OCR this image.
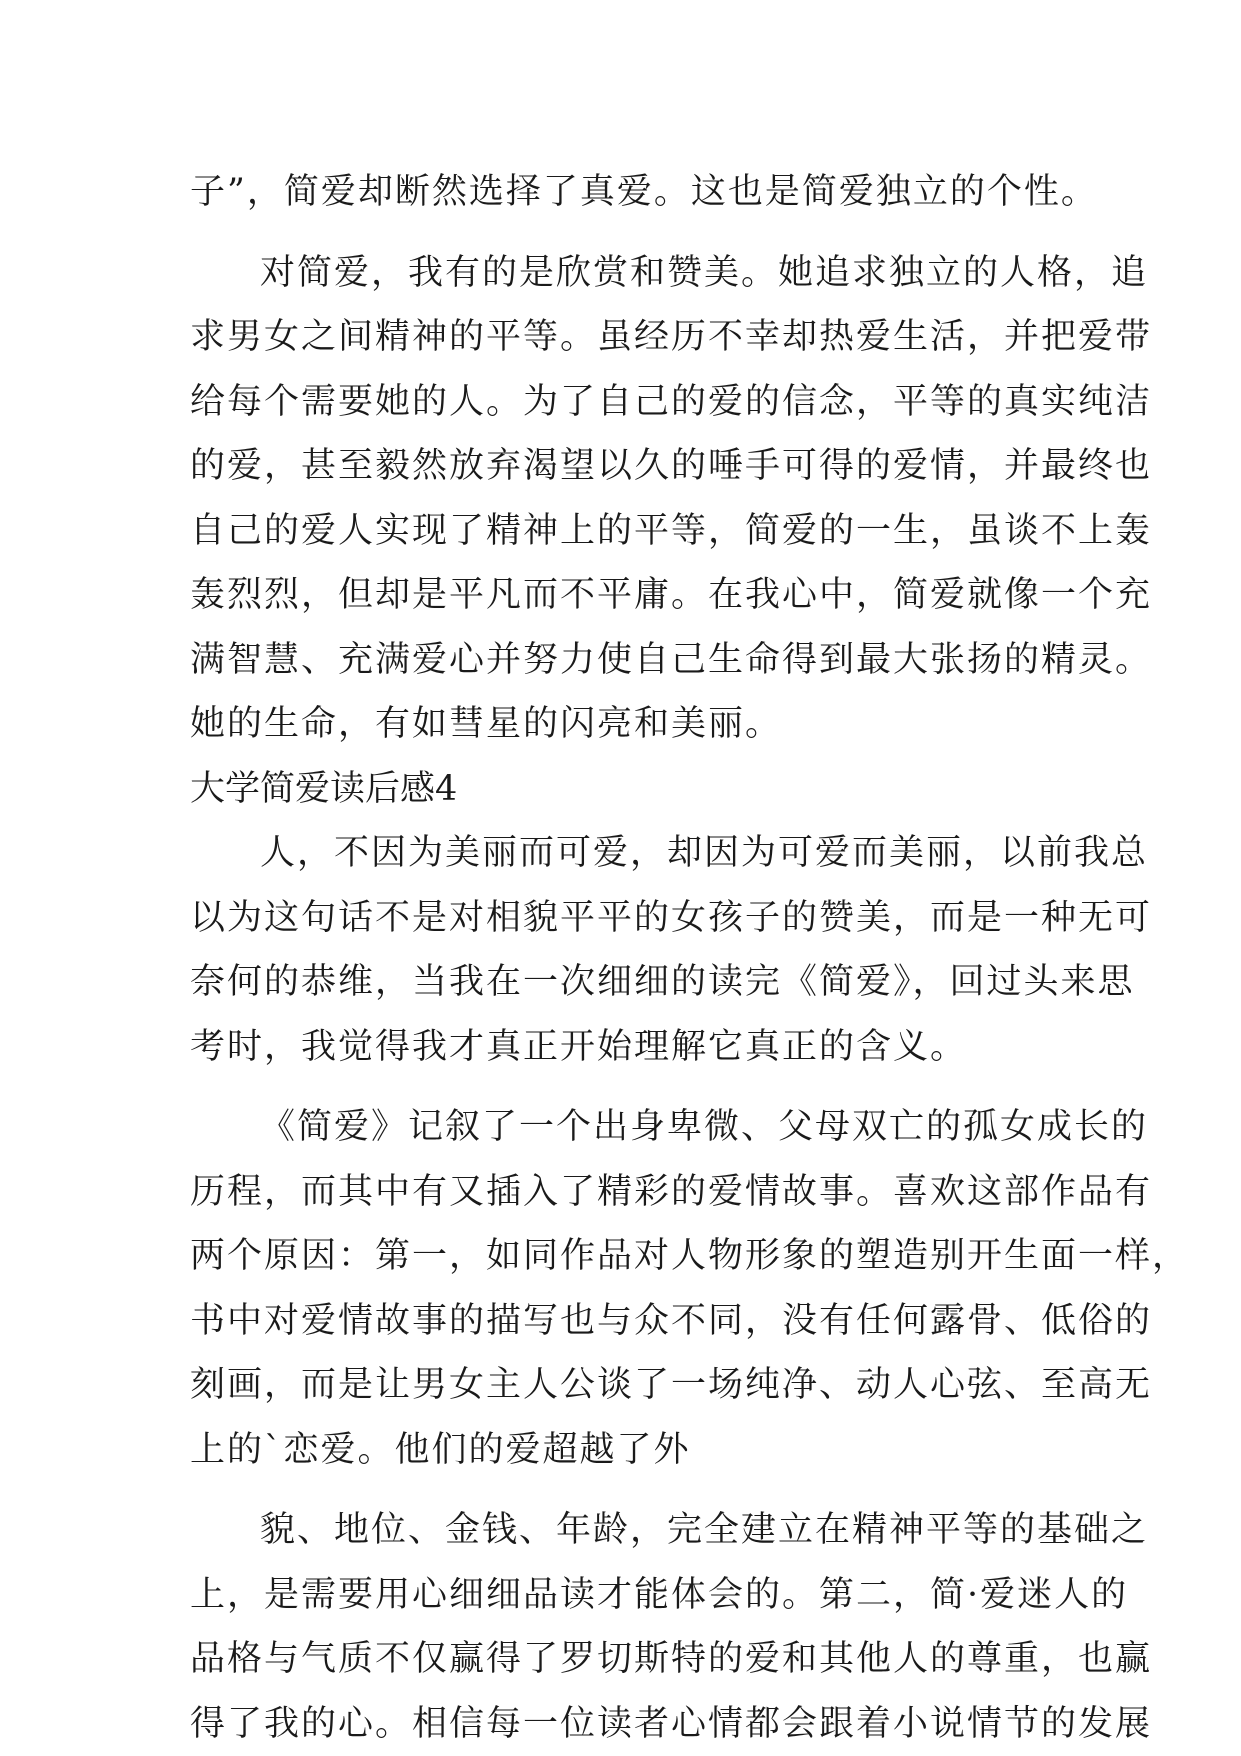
子”，简爱却断然选择了真爱。这也是简爱独立的个性。
对简爱，我有的是欣赏和赞美。她追求独立的人格，追
求男女之间精神的平等。虽经历不幸却热爱生活，并把爱带
给每个需要她的人。为了自己的爱的信念，平等的真实纯洁
的爱，甚至毅然放弃渴望以久的唾手可得的爱情，并最终也
自己的爱人实现了精神上的平等，简爱的一生，虽谈不上轰
轰烈烈，但却是平凡而不平庸。在我心中，简爱就像一个充
满智慧、充满爱心并努力使自己生命得到最大张扬的精灵。
她的生命，有如彗星的闪亮和美丽。
大学简爱读后感4
人，不因为美丽而可爱，却因为可爱而美丽，以前我总
以为这句话不是对相貌平平的女孩子的赞美，而是一种无可
奈何的恭维，当我在一次细细的读完《简爱》，回过头来思
考时，我觉得我才真正开始理解它真正的含义。
《简爱》记叙了一个出身卑微、父母双亡的孤女成长的
历程，而其中有又插入了精彩的爱情故事。喜欢这部作品有
两个原因：第一，如同作品对人物形象的塑造别开生面一样，
书中对爱情故事的描写也与众不同，没有任何露骨、低俗的
刻画，而是让男女主人公谈了一场纯净、动人心弦、至高无
上的`恋爱。他们的爱超越了外
貌、地位、金钱、年龄，完全建立在精神平等的基础之
上，是需要用心细细品读才能体会的。第二，简·爱迷人的
品格与气质不仅赢得了罗切斯特的爱和其他人的尊重，也赢
得了我的心。相信每一位读者心情都会跟着小说情节的发展
